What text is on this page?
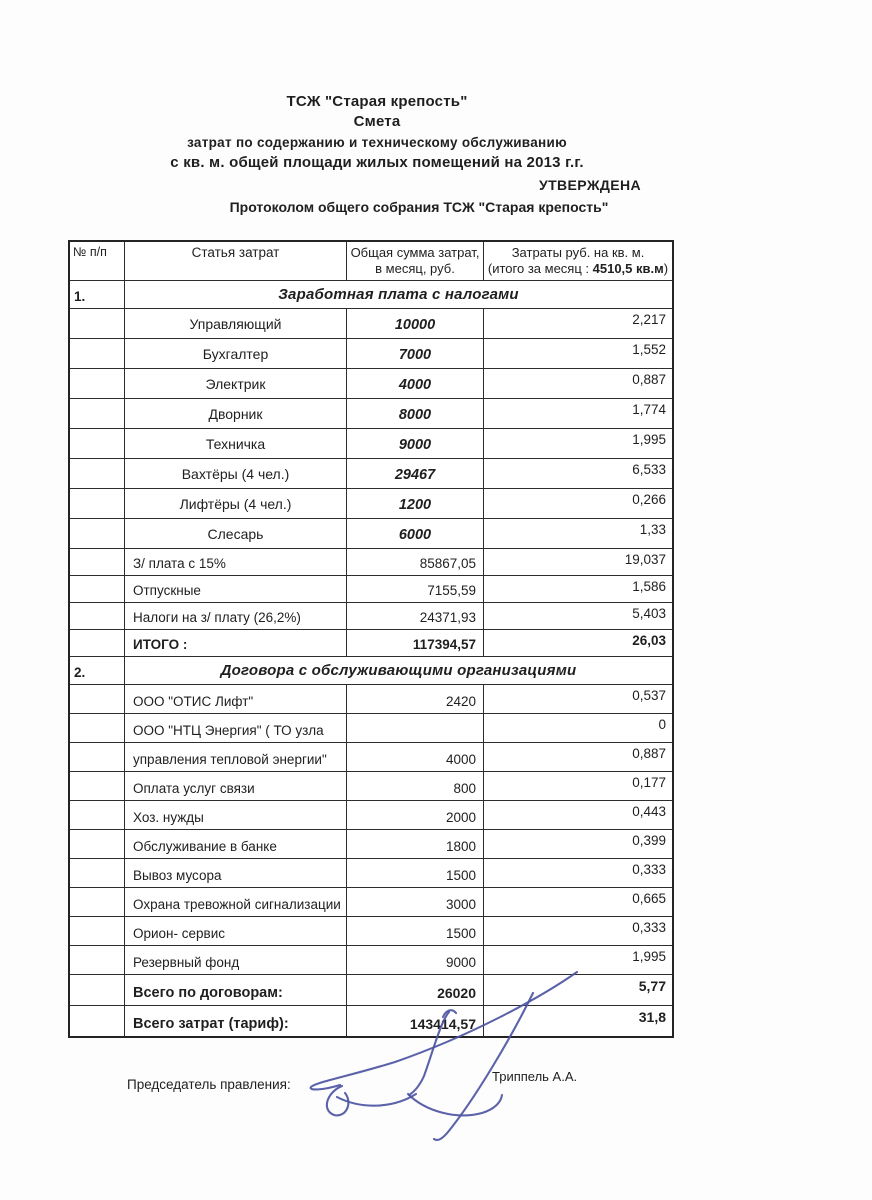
ТСЖ "Старая крепость"
Смета
затрат по содержанию и техническому обслуживанию
с кв. м. общей площади жилых помещений на 2013 г.г.
УТВЕРЖДЕНА
Протоколом общего собрания ТСЖ "Старая крепость"
№ п/п	Статья затрат	Общая сумма затрат,
в месяц, руб.
Затраты руб. на кв. м.
(итого за месяц : 4510,5 кв.м)
1.	Заработная плата с налогами
Управляющий	10000	2,217
Бухгалтер	7000	1,552
Электрик	4000	0,887
Дворник	8000	1,774
Техничка	9000	1,995
Вахтёры (4 чел.)	29467	6,533
Лифтёры (4 чел.)	1200	0,266
Слесарь	6000	1,33
З/ плата с 15%	85867,05	19,037
Отпускные	7155,59	1,586
Налоги на з/ плату (26,2%)	24371,93	5,403
ИТОГО :	117394,57	26,03
2.	Договора с обслуживающими организациями
ООО "ОТИС Лифт"	2420	0,537
ООО "НТЦ Энергия" ( ТО узла	0
управления тепловой энергии"	4000	0,887
Оплата услуг связи	800	0,177
Хоз. нужды	2000	0,443
Обслуживание в банке	1800	0,399
Вывоз мусора	1500	0,333
Охрана тревожной сигнализации	3000	0,665
Орион- сервис	1500	0,333
Резервный фонд	9000	1,995
Всего по договорам:	26020	5,77
Всего затрат (тариф):	143414,57	31,8
Председатель правления:
Триппель А.А.
